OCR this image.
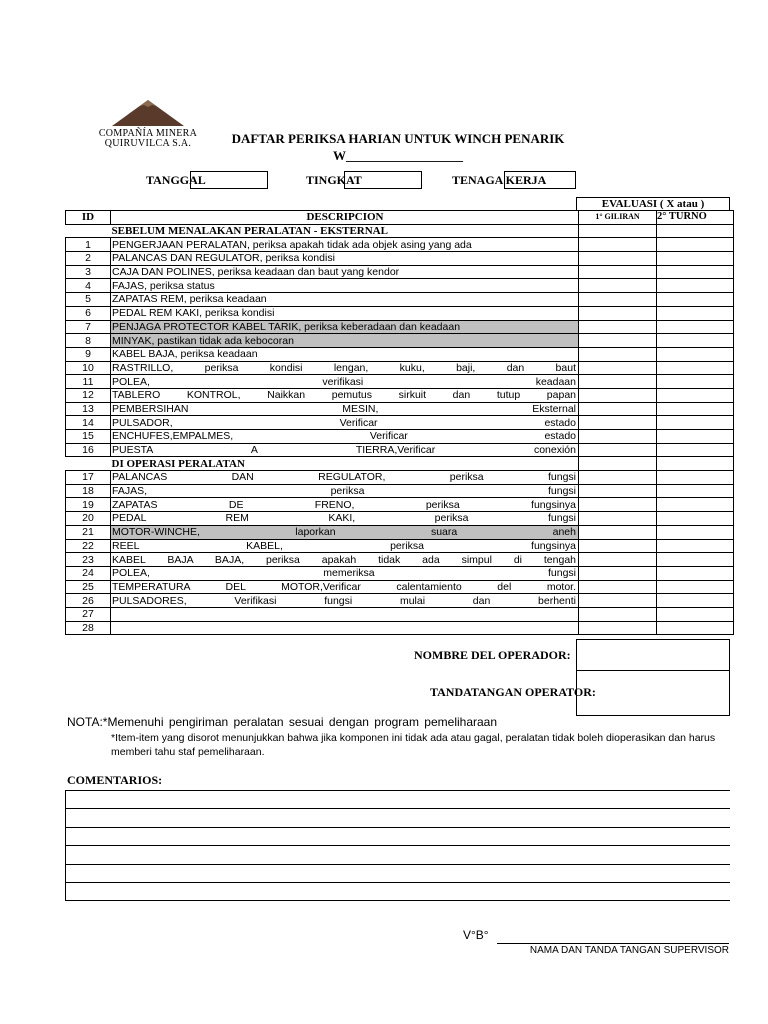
COMPAÑÍA MINERA
QUIRUVILCA S.A.	DAFTAR PERIKSA HARIAN UNTUK WINCH PENARIK
W__________________
TANGGAL	TINGKAT	TENAGA KERJA
EVALUASI ( X atau )
ID	DESCRIPCION	1° GILIRAN	2° TURNO
	SEBELUM MENALAKAN PERALATAN - EKSTERNAL		
1	PENGERJAAN PERALATAN, periksa apakah tidak ada objek asing yang ada		
2	PALANCAS DAN REGULATOR, periksa kondisi		
3	CAJA DAN POLINES, periksa keadaan dan baut yang kendor		
4	FAJAS, periksa status		
5	ZAPATAS REM, periksa keadaan		
6	PEDAL REM KAKI, periksa kondisi		
7	PENJAGA PROTECTOR KABEL TARIK, periksa keberadaan dan keadaan		
8	MINYAK, pastikan tidak ada kebocoran		
9	KABEL BAJA, periksa keadaan		
10	RASTRILLO, periksa kondisi lengan, kuku, baji, dan baut		

11	POLEA, verifikasi keadaan		

12	TABLERO KONTROL, Naikkan pemutus sirkuit dan tutup papan		

13	PEMBERSIHAN MESIN, Eksternal		

14	PULSADOR, Verificar estado		

15	ENCHUFES,EMPALMES, Verificar estado		

16	PUESTA A TIERRA,Verificar conexión		

	DI OPERASI PERALATAN		
17	PALANCAS DAN REGULATOR, periksa fungsi		

18	FAJAS, periksa fungsi		

19	ZAPATAS DE FRENO, periksa fungsinya		

20	PEDAL REM KAKI, periksa fungsi		

21	MOTOR-WINCHE, laporkan suara aneh		

22	REEL KABEL, periksa fungsinya		

23	KABEL BAJA BAJA, periksa apakah tidak ada simpul di tengah		

24	POLEA, memeriksa fungsi		

25	TEMPERATURA DEL MOTOR,Verificar calentamiento del motor.		

26	PULSADORES, Verifikasi fungsi mulai dan berhenti		

27			
28			
NOMBRE DEL OPERADOR:
TANDATANGAN OPERATOR:
NOTA:*Memenuhi pengiriman peralatan sesuai dengan program pemeliharaan
*Item-item yang disorot menunjukkan bahwa jika komponen ini tidak ada atau gagal, peralatan tidak boleh dioperasikan dan harus memberi tahu staf pemeliharaan.
COMENTARIOS:
V°B°
NAMA DAN TANDA TANGAN SUPERVISOR
